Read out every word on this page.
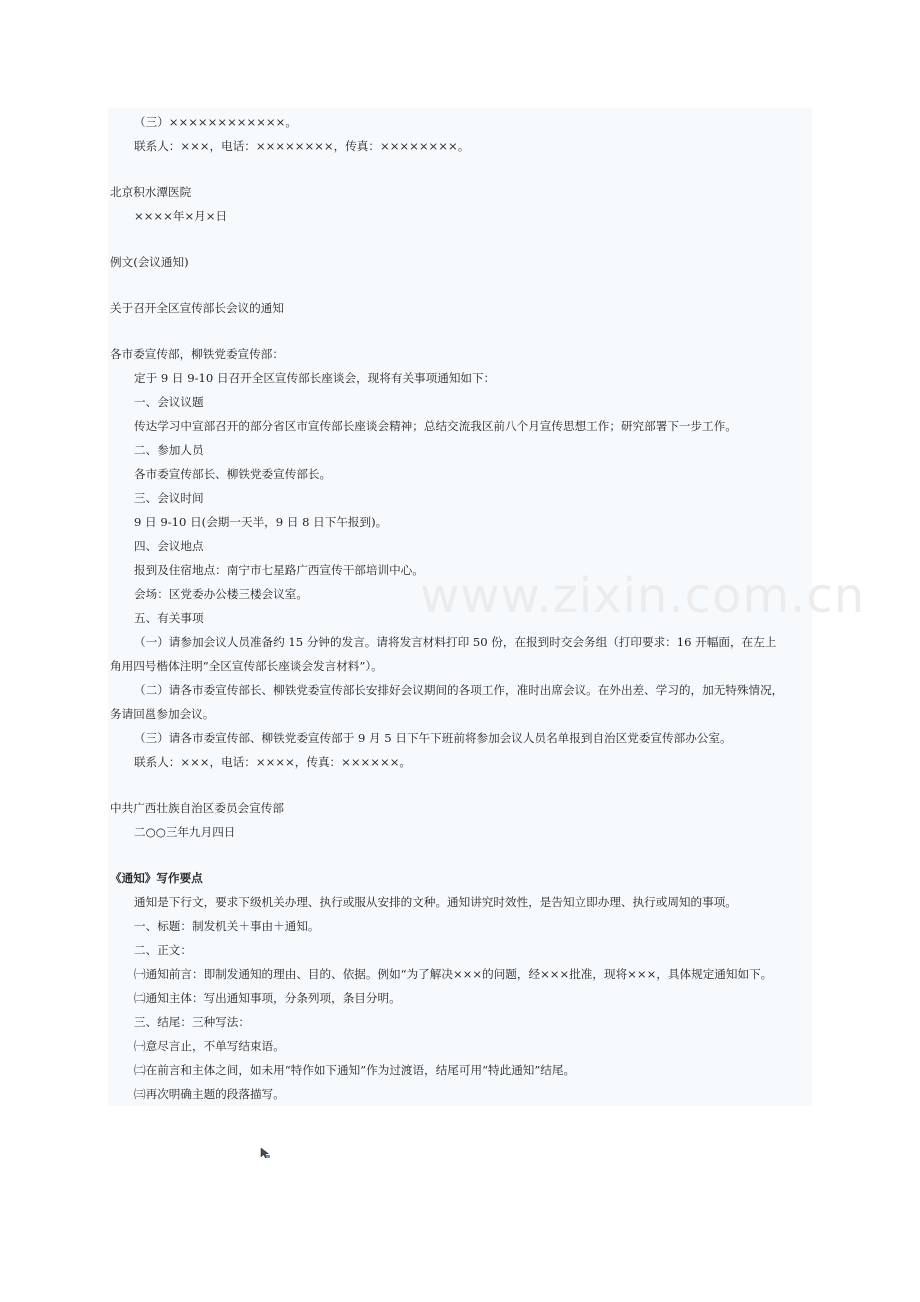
www.zixin.com.cn
（三）××××××××××××。
联系人：×××，电话：××××××××，传真：××××××××。
北京积水潭医院
××××年×月×日
例文(会议通知)
关于召开全区宣传部长会议的通知
各市委宣传部，柳铁党委宣传部：
定于 9 日 9-10 日召开全区宣传部长座谈会，现将有关事项通知如下：
一、会议议题
传达学习中宣部召开的部分省区市宣传部长座谈会精神；总结交流我区前八个月宣传思想工作；研究部署下一步工作。
二、参加人员
各市委宣传部长、柳铁党委宣传部长。
三、会议时间
9 日 9-10 日(会期一天半，9 日 8 日下午报到)。
四、会议地点
报到及住宿地点：南宁市七星路广西宣传干部培训中心。
会场：区党委办公楼三楼会议室。
五、有关事项
（一）请参加会议人员准备约 15 分钟的发言。请将发言材料打印 50 份，在报到时交会务组（打印要求：16 开幅面，在左上
角用四号楷体注明“全区宣传部长座谈会发言材料”）。
（二）请各市委宣传部长、柳铁党委宣传部长安排好会议期间的各项工作，准时出席会议。在外出差、学习的，加无特殊情况，
务请回邕参加会议。
（三）请各市委宣传部、柳铁党委宣传部于 9 月 5 日下午下班前将参加会议人员名单报到自治区党委宣传部办公室。
联系人：×××，电话：××××，传真：××××××。
中共广西壮族自治区委员会宣传部
二○○三年九月四日
《通知》写作要点
通知是下行文，要求下级机关办理、执行或服从安排的文种。通知讲究时效性，是告知立即办理、执行或周知的事项。
一、标题：制发机关＋事由＋通知。
二、正文：
㈠通知前言：即制发通知的理由、目的、依据。例如“为了解决×××的问题，经×××批准，现将×××，具体规定通知如下。
㈡通知主体：写出通知事项，分条列项，条目分明。
三、结尾：三种写法：
㈠意尽言止，不单写结束语。
㈡在前言和主体之间，如未用“特作如下通知”作为过渡语，结尾可用“特此通知”结尾。
㈢再次明确主题的段落描写。
